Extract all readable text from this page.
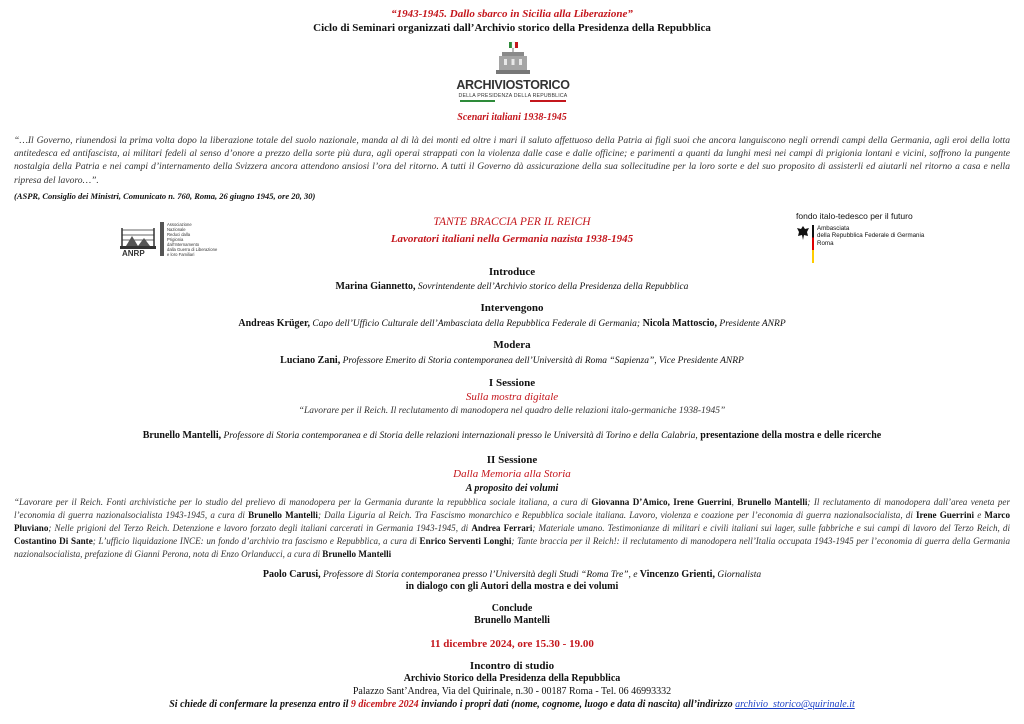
“1943-1945. Dallo sbarco in Sicilia alla Liberazione”
Ciclo di Seminari organizzati dall’Archivio storico della Presidenza della Repubblica
ARCHIVIOSTORICO
DELLA PRESIDENZA DELLA REPUBBLICA
Scenari italiani 1938-1945
“…Il Governo, riunendosi la prima volta dopo la liberazione totale del suolo nazionale, manda al di là dei monti ed oltre i mari il saluto affettuoso della Patria ai figli suoi che ancora languiscono negli orrendi campi della Germania, agli eroi della lotta antitedesca ed antifascista, ai militari fedeli al senso d’onore a prezzo della sorte più dura, agli operai strappati con la violenza dalle case e dalle officine; e parimenti a quanti da lunghi mesi nei campi di prigionia lontani e vicini, soffrono la pungente nostalgia della Patria e nei campi d’internamento della Svizzera ancora attendono ansiosi l’ora del ritorno. A tutti il Governo dà assicurazione della sua sollecitudine per la loro sorte e del suo proposito di assisterli ed aiutarli nel ritorno a casa e nella ripresa del lavoro…”.
(ASPR, Consiglio dei Ministri, Comunicato n. 760, Roma, 26 giugno 1945, ore 20, 30)
ANRP
Associazione
Nazionale
Reduci dalla
Prigionia
dall’Internamento
dalla Guerra di Liberazione
e loro Familiari
TANTE BRACCIA PER IL REICH
Lavoratori italiani nella Germania nazista 1938-1945
fondo italo-tedesco per il futuro
Ambasciata
della Repubblica Federale di Germania
Roma
Introduce
Marina Giannetto, Sovrintendente dell’Archivio storico della Presidenza della Repubblica
Intervengono
Andreas Krüger, Capo dell’Ufficio Culturale dell’Ambasciata della Repubblica Federale di Germania; Nicola Mattoscio, Presidente ANRP
Modera
Luciano Zani, Professore Emerito di Storia contemporanea dell’Università di Roma “Sapienza”, Vice Presidente ANRP
I Sessione
Sulla mostra digitale
“Lavorare per il Reich. Il reclutamento di manodopera nel quadro delle relazioni italo-germaniche 1938-1945”
Brunello Mantelli, Professore di Storia contemporanea e di Storia delle relazioni internazionali presso le Università di Torino e della Calabria, presentazione della mostra e delle ricerche
II Sessione
Dalla Memoria alla Storia
A proposito dei volumi
“Lavorare per il Reich. Fonti archivistiche per lo studio del prelievo di manodopera per la Germania durante la repubblica sociale italiana, a cura di Giovanna D’Amico, Irene Guerrini, Brunello Mantelli; Il reclutamento di manodopera dall’area veneta per l’economia di guerra nazionalsocialista 1943-1945, a cura di Brunello Mantelli; Dalla Liguria al Reich. Tra Fascismo monarchico e Repubblica sociale italiana. Lavoro, violenza e coazione per l’economia di guerra nazionalsocialista, di Irene Guerrini e Marco Pluviano; Nelle prigioni del Terzo Reich. Detenzione e lavoro forzato degli italiani carcerati in Germania 1943-1945, di Andrea Ferrari; Materiale umano. Testimonianze di militari e civili italiani sui lager, sulle fabbriche e sui campi di lavoro del Terzo Reich, di Costantino Di Sante; L’ufficio liquidazione INCE: un fondo d’archivio tra fascismo e Repubblica, a cura di Enrico Serventi Longhi; Tante braccia per il Reich!: il reclutamento di manodopera nell’Italia occupata 1943-1945 per l’economia di guerra della Germania nazionalsocialista, prefazione di Gianni Perona, nota di Enzo Orlanducci, a cura di Brunello Mantelli
Paolo Carusi, Professore di Storia contemporanea presso l’Università degli Studi “Roma Tre”, e Vincenzo Grienti, Giornalista
in dialogo con gli Autori della mostra e dei volumi
Conclude
Brunello Mantelli
11 dicembre 2024, ore 15.30 - 19.00
Incontro di studio
Archivio Storico della Presidenza della Repubblica
Palazzo Sant’Andrea, Via del Quirinale, n.30 - 00187 Roma - Tel. 06 46993332
Si chiede di confermare la presenza entro il 9 dicembre 2024 inviando i propri dati (nome, cognome, luogo e data di nascita) all’indirizzo archivio_storico@quirinale.it
